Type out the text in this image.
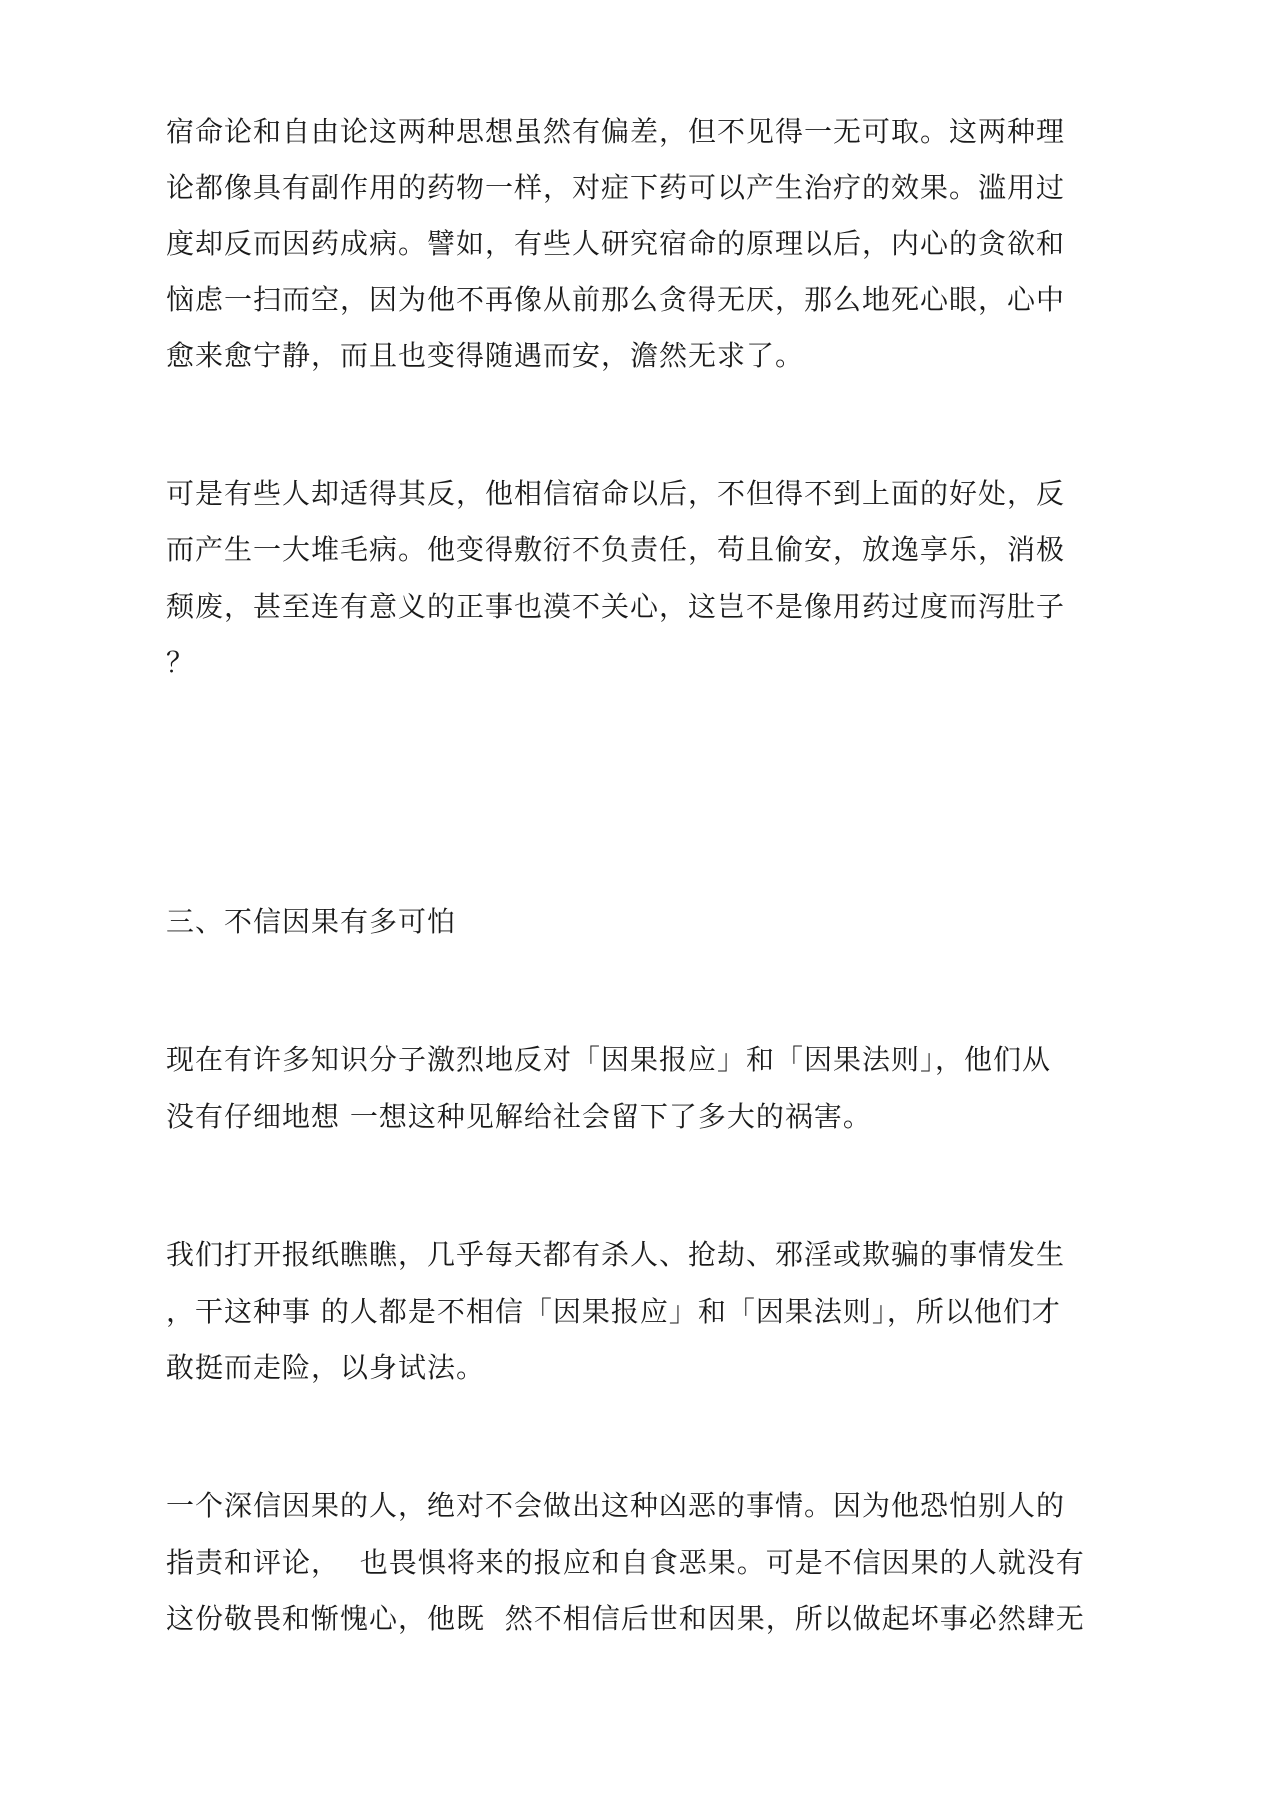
宿命论和自由论这两种思想虽然有偏差，但不见得一无可取。这两种理
论都像具有副作用的药物一样，对症下药可以产生治疗的效果。滥用过
度却反而因药成病。譬如，有些人研究宿命的原理以后，内心的贪欲和
恼虑一扫而空，因为他不再像从前那么贪得无厌，那么地死心眼，心中
愈来愈宁静，而且也变得随遇而安，澹然无求了。
可是有些人却适得其反，他相信宿命以后，不但得不到上面的好处，反
而产生一大堆毛病。他变得敷衍不负责任，苟且偷安，放逸享乐，消极
颓废，甚至连有意义的正事也漠不关心，这岂不是像用药过度而泻肚子
？
三、不信因果有多可怕
现在有许多知识分子激烈地反对「因果报应」和「因果法则」，他们从
没有仔细地想 一想这种见解给社会留下了多大的祸害。
我们打开报纸瞧瞧，几乎每天都有杀人、抢劫、邪淫或欺骗的事情发生
，干这种事 的人都是不相信「因果报应」和「因果法则」，所以他们才
敢挺而走险，以身试法。
一个深信因果的人，绝对不会做出这种凶恶的事情。因为他恐怕别人的
指责和评论，  也畏惧将来的报应和自食恶果。可是不信因果的人就没有
这份敬畏和惭愧心，他既  然不相信后世和因果，所以做起坏事必然肆无
